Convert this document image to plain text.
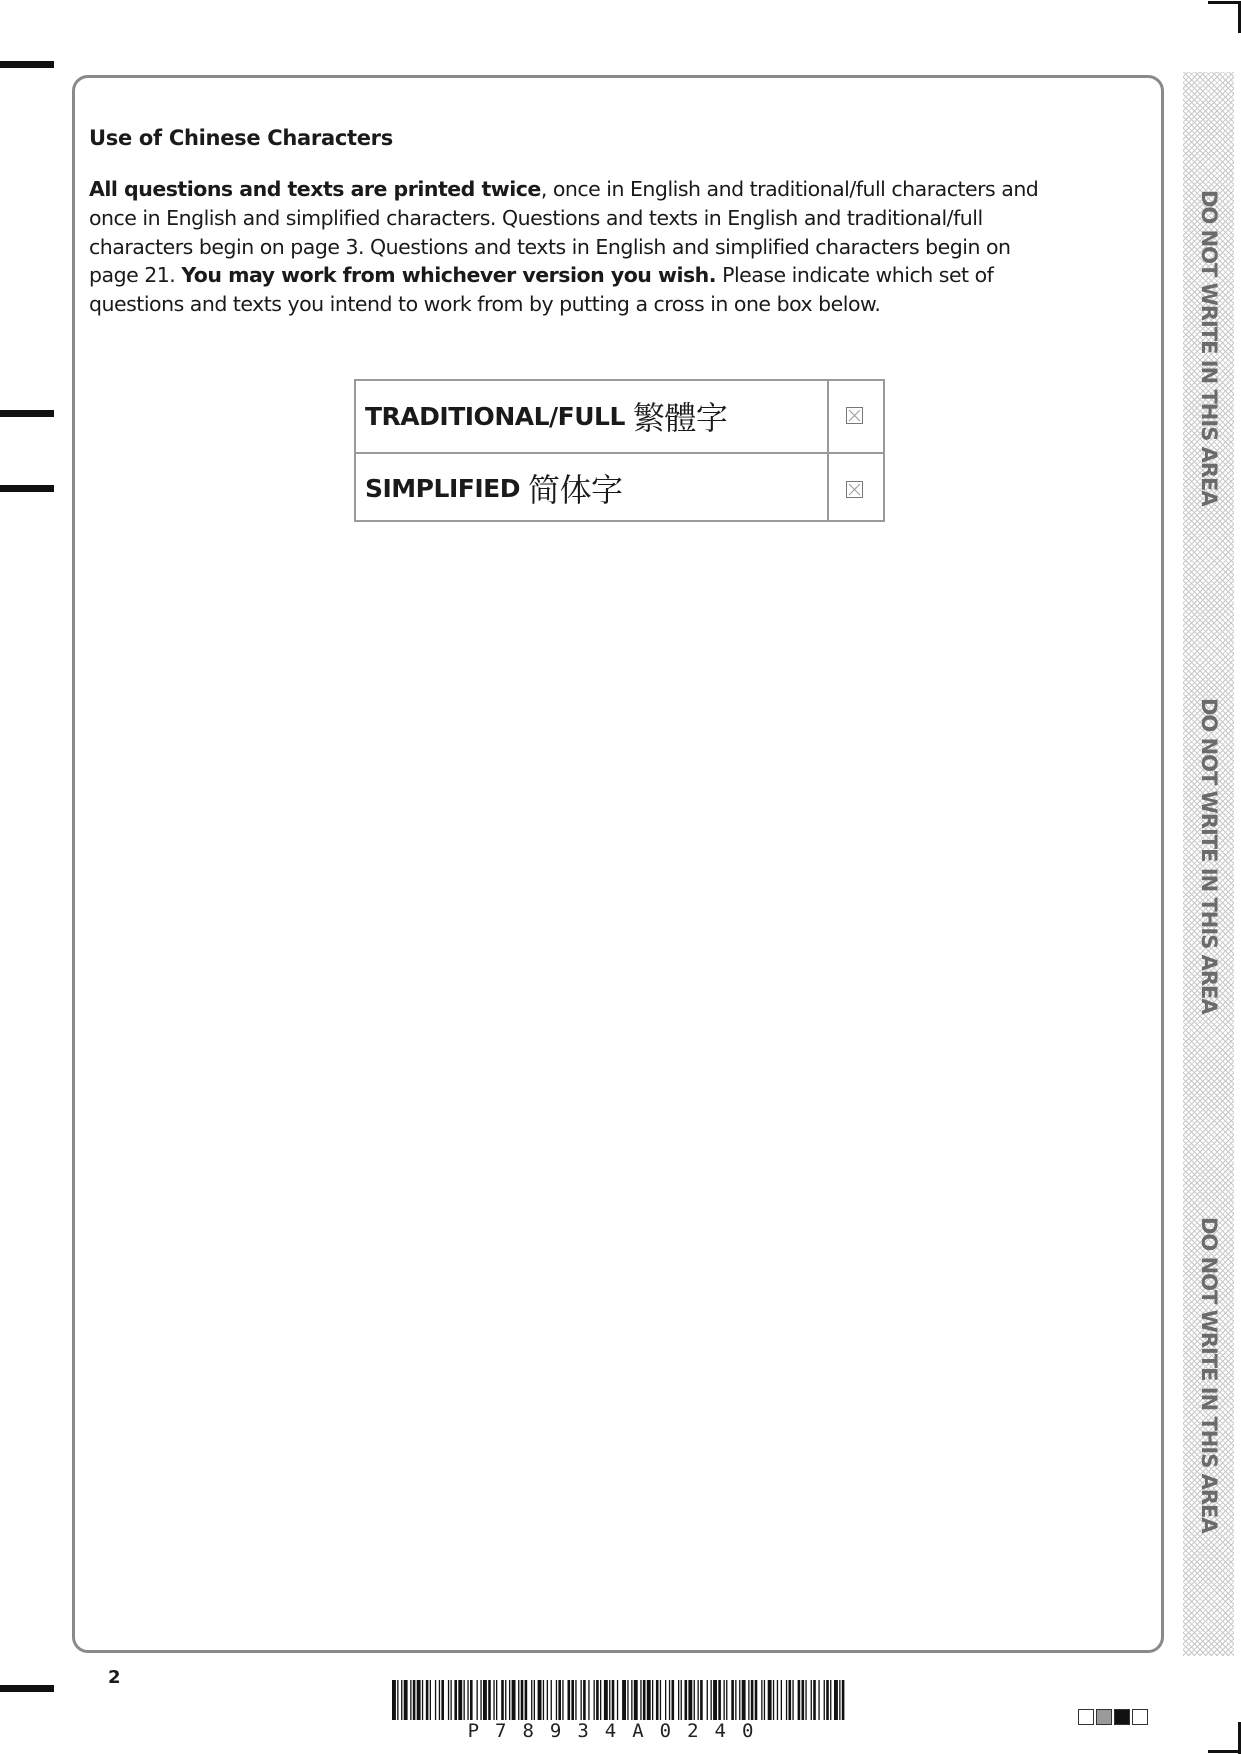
DO NOT WRITE IN THIS AREA
DO NOT WRITE IN THIS AREA
DO NOT WRITE IN THIS AREA
Use of Chinese Characters
All questions and texts are printed twice, once in English and traditional/full characters and once in English and simplified characters. Questions and texts in English and traditional/full characters begin on page 3. Questions and texts in English and simplified characters begin on page 21. You may work from whichever version you wish. Please indicate which set of questions and texts you intend to work from by putting a cross in one box below.
TRADITIONAL/FULL 繁體字
SIMPLIFIED 简体字
2
P78934A0240
